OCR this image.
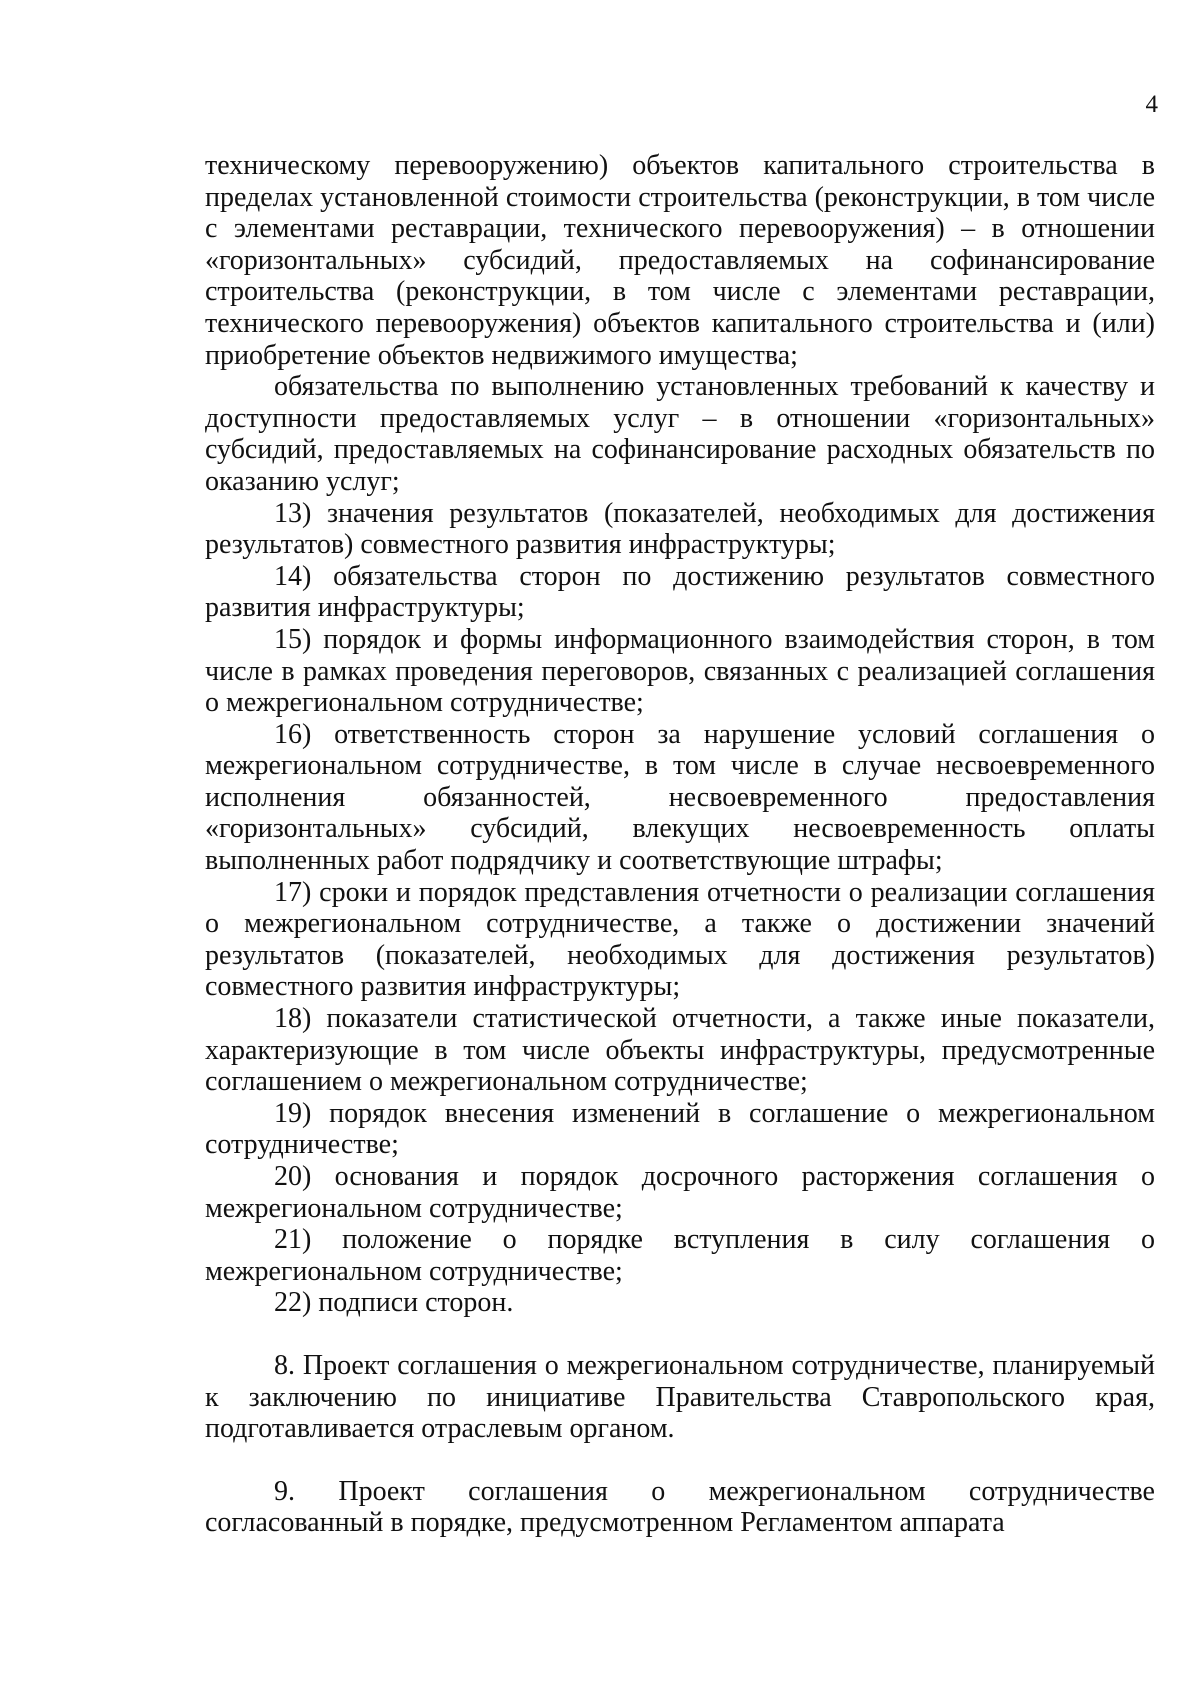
4

техническому перевооружению) объектов капитального строительства в пределах установленной стоимости строительства (реконструкции, в том числе с элементами реставрации, технического перевооружения) – в отношении «горизонтальных» субсидий, предоставляемых на софинансирование строительства (реконструкции, в том числе с элементами реставрации, технического перевооружения) объектов капитального строительства и (или) приобретение объектов недвижимого имущества;

обязательства по выполнению установленных требований к качеству и доступности предоставляемых услуг – в отношении «горизонтальных» субсидий, предоставляемых на софинансирование расходных обязательств по оказанию услуг;

13) значения результатов (показателей, необходимых для достижения результатов) совместного развития инфраструктуры;

14) обязательства сторон по достижению результатов совместного развития инфраструктуры;

15) порядок и формы информационного взаимодействия сторон, в том числе в рамках проведения переговоров, связанных с реализацией соглашения о межрегиональном сотрудничестве;

16) ответственность сторон за нарушение условий соглашения о межрегиональном сотрудничестве, в том числе в случае несвоевременного исполнения обязанностей, несвоевременного предоставления «горизонтальных» субсидий, влекущих несвоевременность оплаты выполненных работ подрядчику и соответствующие штрафы;

17) сроки и порядок представления отчетности о реализации соглашения о межрегиональном сотрудничестве, а также о достижении значений результатов (показателей, необходимых для достижения результатов) совместного развития инфраструктуры;

18) показатели статистической отчетности, а также иные показатели, характеризующие в том числе объекты инфраструктуры, предусмотренные соглашением о межрегиональном сотрудничестве;

19) порядок внесения изменений в соглашение о межрегиональном сотрудничестве;

20) основания и порядок досрочного расторжения соглашения о межрегиональном сотрудничестве;

21) положение о порядке вступления в силу соглашения о межрегиональном сотрудничестве;

22) подписи сторон.

8. Проект соглашения о межрегиональном сотрудничестве, планируемый к заключению по инициативе Правительства Ставропольского края, подготавливается отраслевым органом.

9. Проект соглашения о межрегиональном сотрудничестве согласованный в порядке, предусмотренном Регламентом аппарата
